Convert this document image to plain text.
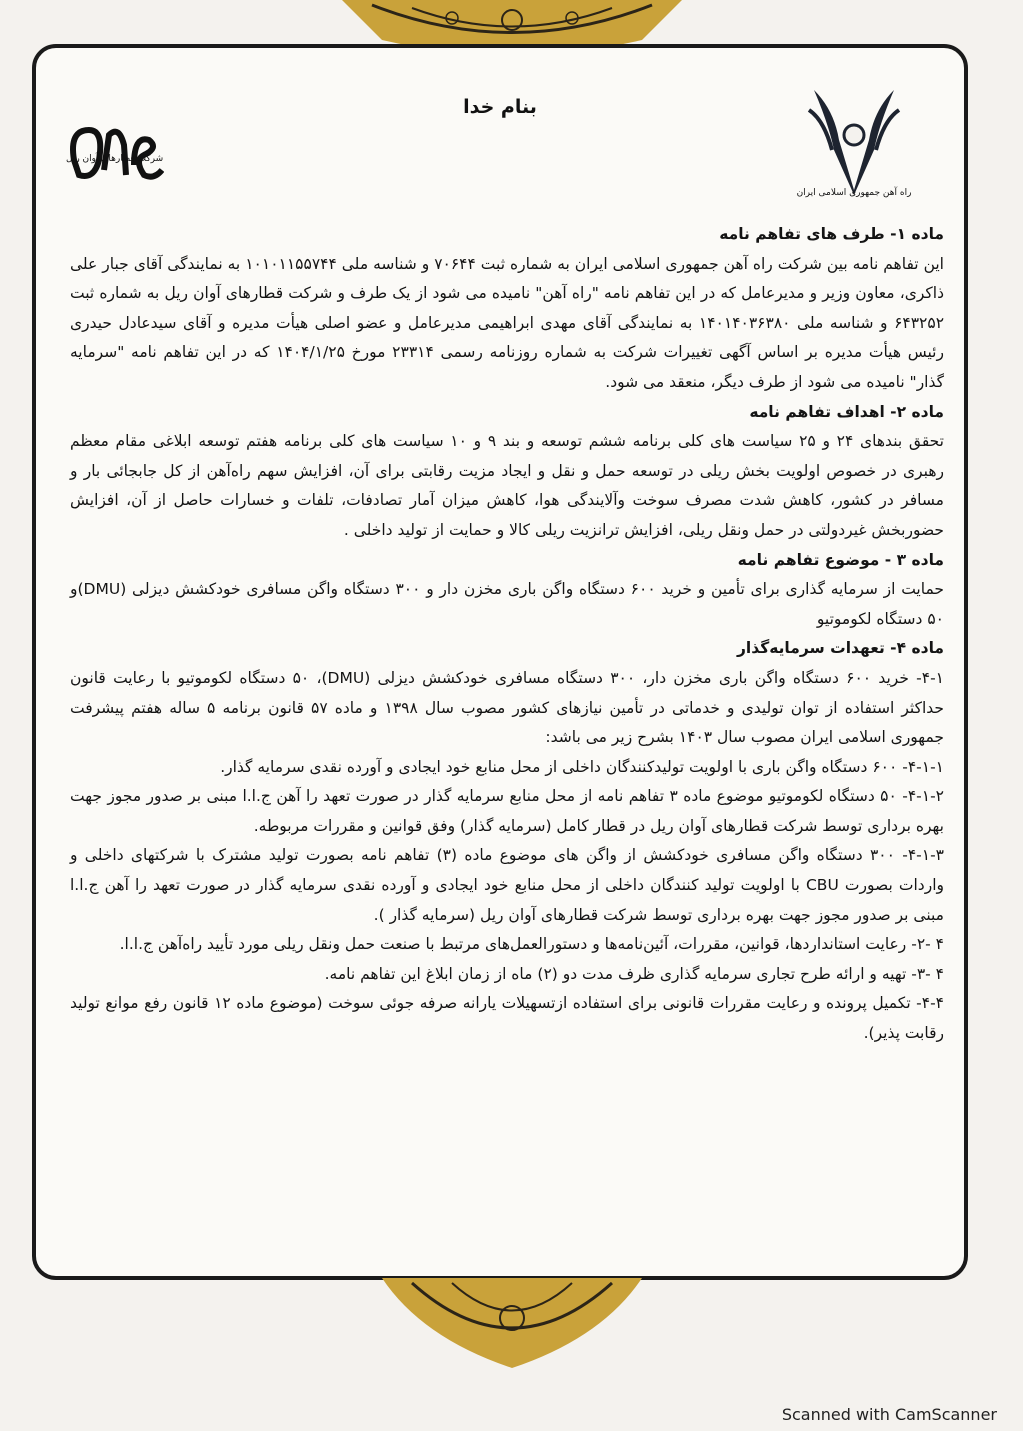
بنام خدا
شرکت قطارهای آوان ریل
راه آهن جمهوری اسلامی ایران

ماده ۱- طرف های تفاهم نامه

این تفاهم نامه بین شرکت راه آهن جمهوری اسلامی ایران به شماره ثبت ۷۰۶۴۴ و شناسه ملی ۱۰۱۰۱۱۵۵۷۴۴ به نمایندگی آقای جبار علی ذاکری، معاون وزیر و مدیرعامل که در این تفاهم نامه "راه آهن" نامیده می شود از یک طرف و شرکت قطارهای آوان ریل به شماره ثبت ۶۴۳۲۵۲ و شناسه ملی ۱۴۰۱۴۰۳۶۳۸۰ به نمایندگی آقای مهدی ابراهیمی مدیرعامل و عضو اصلی هیأت مدیره و آقای سیدعادل حیدری رئیس هیأت مدیره بر اساس آگهی تغییرات شرکت به شماره روزنامه رسمی ۲۳۳۱۴ مورخ ۱۴۰۴/۱/۲۵ که در این تفاهم نامه "سرمایه گذار" نامیده می شود از طرف دیگر، منعقد می شود.

ماده ۲- اهداف تفاهم نامه

تحقق بندهای ۲۴ و ۲۵ سیاست های کلی برنامه ششم توسعه و بند ۹ و ۱۰ سیاست های کلی برنامه هفتم توسعه ابلاغی مقام معظم رهبری در خصوص اولویت بخش ریلی در توسعه حمل و نقل و ایجاد مزیت رقابتی برای آن، افزایش سهم راه‌آهن از کل جابجائی بار و مسافر در کشور، کاهش شدت مصرف سوخت وآلایندگی هوا، کاهش میزان آمار تصادفات، تلفات و خسارات حاصل از آن، افزایش حضوربخش غیردولتی در حمل ونقل ریلی، افزایش ترانزیت ریلی کالا و حمایت از تولید داخلی .

ماده ۳ - موضوع تفاهم نامه

حمایت از سرمایه گذاری برای تأمین و خرید ۶۰۰ دستگاه واگن باری مخزن دار و ۳۰۰ دستگاه واگن مسافری خودکشش دیزلی (DMU)و ۵۰ دستگاه لکوموتیو

ماده ۴- تعهدات سرمایه‌گذار

۴-۱- خرید ۶۰۰ دستگاه واگن باری مخزن دار، ۳۰۰ دستگاه مسافری خودکشش دیزلی (DMU)، ۵۰ دستگاه لکوموتیو با رعایت قانون حداکثر استفاده از توان تولیدی و خدماتی در تأمین نیازهای کشور مصوب سال ۱۳۹۸ و ماده ۵۷ قانون برنامه ۵ ساله هفتم پیشرفت جمهوری اسلامی ایران مصوب سال ۱۴۰۳ بشرح زیر می باشد:

۴-۱-۱- ۶۰۰ دستگاه واگن باری با اولویت تولیدکنندگان داخلی از محل منابع خود ایجادی و آورده نقدی سرمایه گذار.

۴-۱-۲- ۵۰ دستگاه لکوموتیو موضوع ماده ۳ تفاهم نامه از محل منابع سرمایه گذار در صورت تعهد را آهن ج.ا.ا مبنی بر صدور مجوز جهت بهره برداری توسط شرکت قطارهای آوان ریل در قطار کامل (سرمایه گذار) وفق قوانین و مقررات مربوطه.

۴-۱-۳- ۳۰۰ دستگاه واگن مسافری خودکشش از واگن های موضوع ماده (۳) تفاهم نامه بصورت تولید مشترک با شرکتهای داخلی و واردات بصورت CBU با اولویت تولید کنندگان داخلی از محل منابع خود ایجادی و آورده نقدی سرمایه گذار در صورت تعهد را آهن ج.ا.ا مبنی بر صدور مجوز جهت بهره برداری توسط شرکت قطارهای آوان ریل (سرمایه گذار ).

۴ -۲- رعایت استانداردها، قوانین، مقررات، آئین‌نامه‌ها و دستورالعمل‌های مرتبط با صنعت حمل ونقل ریلی مورد تأیید راه‌آهن ج.ا.ا.

۴ -۳- تهیه و ارائه طرح تجاری سرمایه گذاری ظرف مدت دو (۲) ماه از زمان ابلاغ این تفاهم نامه.

۴-۴- تکمیل پرونده و رعایت مقررات قانونی برای استفاده ازتسهیلات یارانه صرفه جوئی سوخت (موضوع ماده ۱۲ قانون رفع موانع تولید رقابت پذیر).

Scanned with CamScanner
